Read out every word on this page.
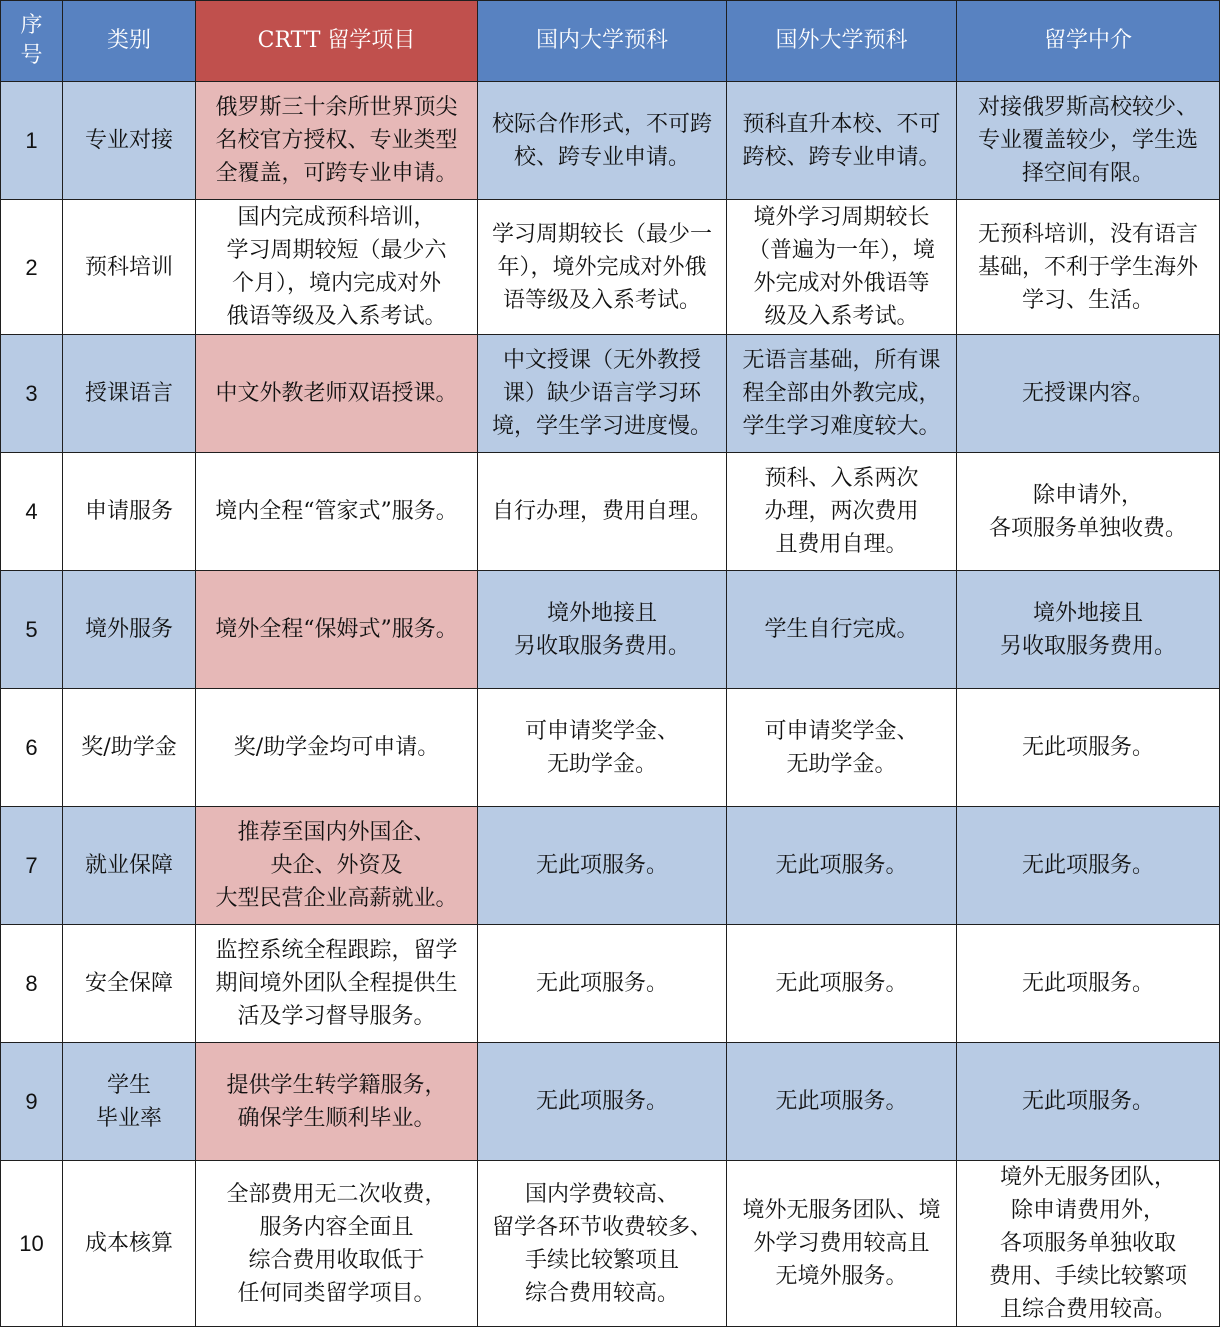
序 号	类别	CRTT 留学项目	国内大学预科	国外大学预科	留学中介
1	专业对接	俄罗斯三十余所世界顶尖
名校官方授权、专业类型
全覆盖，可跨专业申请。	校际合作形式，不可跨
校、跨专业申请。	预科直升本校、不可
跨校、跨专业申请。	对接俄罗斯高校较少、
专业覆盖较少，学生选
择空间有限。
2	预科培训	国内完成预科培训，
学习周期较短（最少六
个月），境内完成对外
俄语等级及入系考试。	学习周期较长（最少一
年），境外完成对外俄
语等级及入系考试。	境外学习周期较长
（普遍为一年），境
外完成对外俄语等
级及入系考试。	无预科培训，没有语言
基础，不利于学生海外
学习、生活。
3	授课语言	中文外教老师双语授课。	中文授课（无外教授
课）缺少语言学习环
境，学生学习进度慢。	无语言基础，所有课
程全部由外教完成，
学生学习难度较大。	无授课内容。
4	申请服务	境内全程“管家式”服务。	自行办理，费用自理。	预科、入系两次
办理，两次费用
且费用自理。	除申请外，
各项服务单独收费。
5	境外服务	境外全程“保姆式”服务。	境外地接且
另收取服务费用。	学生自行完成。	境外地接且
另收取服务费用。
6	奖/助学金	奖/助学金均可申请。	可申请奖学金、
无助学金。	可申请奖学金、
无助学金。	无此项服务。
7	就业保障	推荐至国内外国企、
央企、外资及
大型民营企业高薪就业。	无此项服务。	无此项服务。	无此项服务。
8	安全保障	监控系统全程跟踪，留学
期间境外团队全程提供生
活及学习督导服务。	无此项服务。	无此项服务。	无此项服务。
9	学生
毕业率	提供学生转学籍服务，
确保学生顺利毕业。	无此项服务。	无此项服务。	无此项服务。
10	成本核算	全部费用无二次收费，
服务内容全面且
综合费用收取低于
任何同类留学项目。	国内学费较高、
留学各环节收费较多、
手续比较繁项且
综合费用较高。	境外无服务团队、境
外学习费用较高且
无境外服务。	境外无服务团队，
除申请费用外，
各项服务单独收取
费用、手续比较繁项
且综合费用较高。
